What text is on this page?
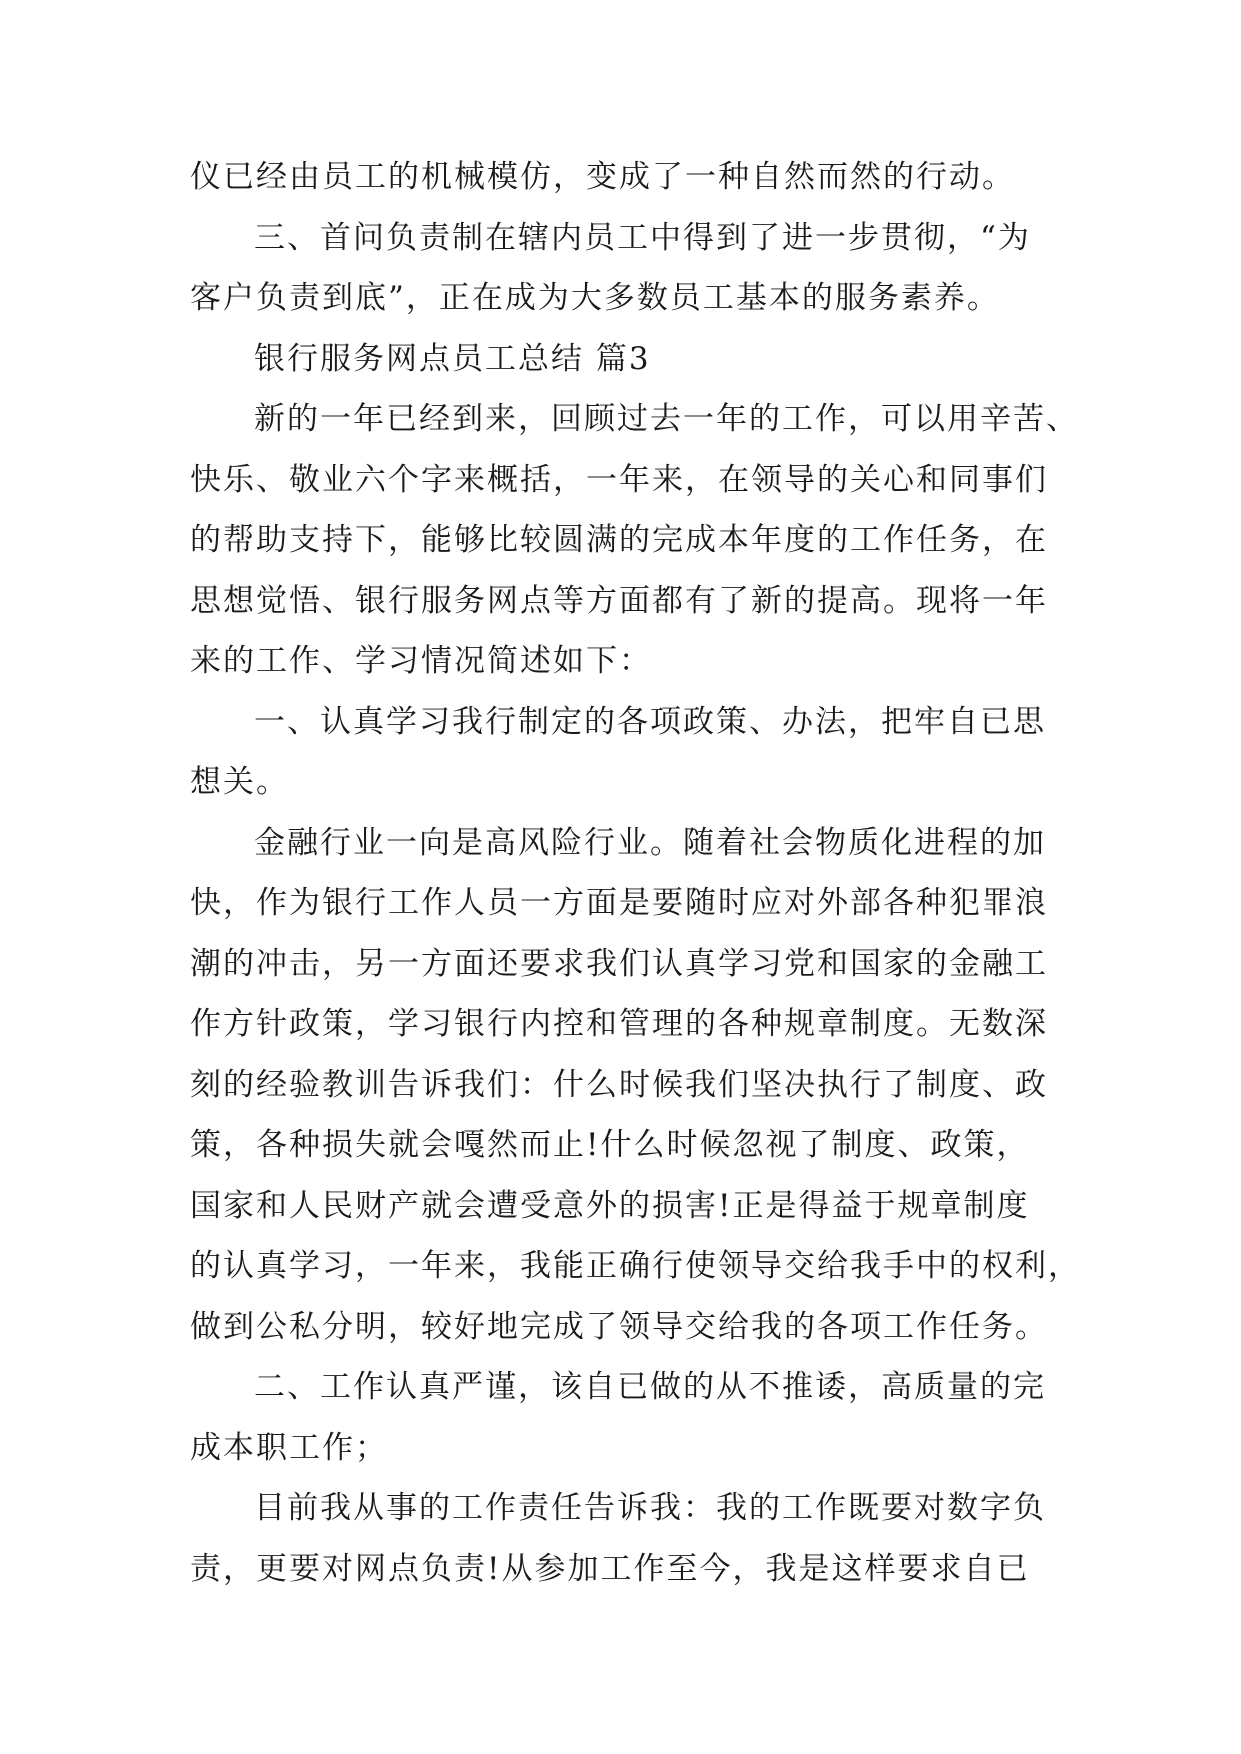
仪已经由员工的机械模仿，变成了一种自然而然的行动。
三、首问负责制在辖内员工中得到了进一步贯彻，“为
客户负责到底”，正在成为大多数员工基本的服务素养。
银行服务网点员工总结 篇3
新的一年已经到来，回顾过去一年的工作，可以用辛苦、
快乐、敬业六个字来概括，一年来，在领导的关心和同事们
的帮助支持下，能够比较圆满的完成本年度的工作任务，在
思想觉悟、银行服务网点等方面都有了新的提高。现将一年
来的工作、学习情况简述如下：
一、认真学习我行制定的各项政策、办法，把牢自已思
想关。
金融行业一向是高风险行业。随着社会物质化进程的加
快，作为银行工作人员一方面是要随时应对外部各种犯罪浪
潮的冲击，另一方面还要求我们认真学习党和国家的金融工
作方针政策，学习银行内控和管理的各种规章制度。无数深
刻的经验教训告诉我们：什么时候我们坚决执行了制度、政
策，各种损失就会嘎然而止!什么时候忽视了制度、政策，
国家和人民财产就会遭受意外的损害!正是得益于规章制度
的认真学习，一年来，我能正确行使领导交给我手中的权利，
做到公私分明，较好地完成了领导交给我的各项工作任务。
二、工作认真严谨，该自已做的从不推诿，高质量的完
成本职工作；
目前我从事的工作责任告诉我：我的工作既要对数字负
责，更要对网点负责!从参加工作至今，我是这样要求自已
